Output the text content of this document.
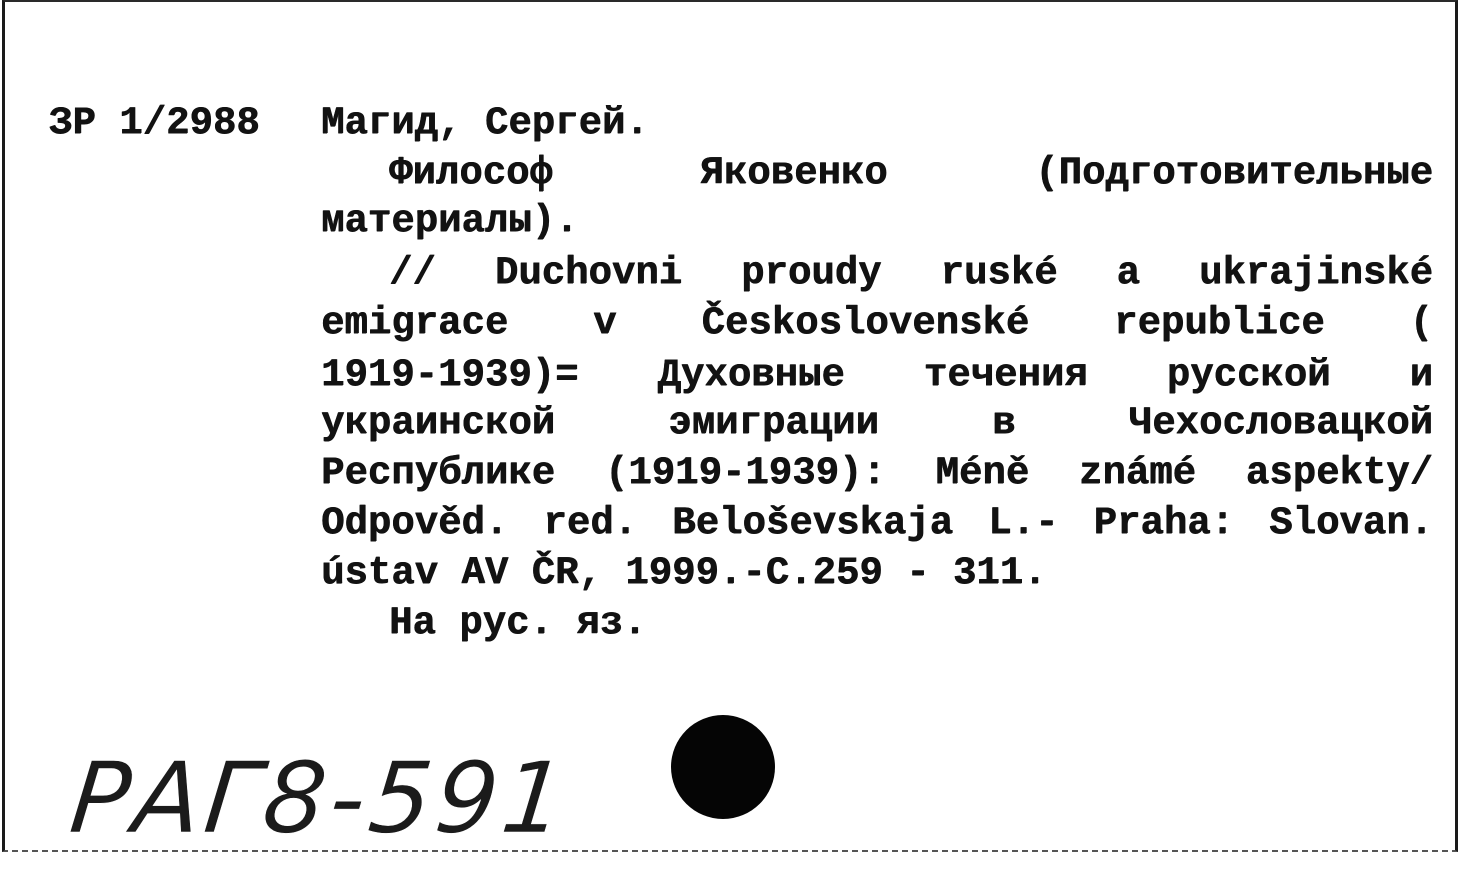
ЗР 1/2988 Магид, Сергей.
Философ Яковенко (Подготовительные
материалы).
// Duchovni proudy ruské a ukrajinské
emigrace v Československé republice (
1919-1939)= Духовные течения русской и
украинской эмиграции в Чехословацкой
Республике (1919-1939): Méně známé aspekty/
Odpověd. red. Beloševskaja L.- Praha: Slovan.
ústav AV ČR, 1999.-C.259 - 311.
На рус. яз.
РАГ8-591
